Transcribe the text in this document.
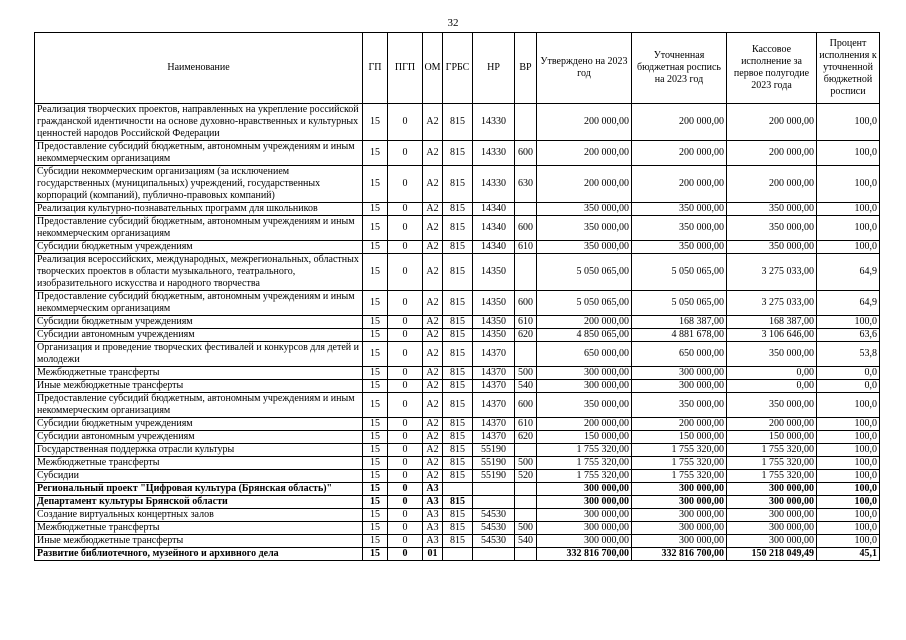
32
Наименование	ГП	ПГП	ОМ	ГРБС	НР	ВР	Утверждено на 2023 год	Уточненная бюджетная роспись на 2023 год	Кассовое исполнение за первое полугодие 2023 года	Процент исполнения к уточненной бюджетной росписи
Реализация творческих проектов, направленных на укрепление российской гражданской идентичности на основе духовно-нравственных и культурных ценностей народов Российской Федерации	15	0	А2	815	14330		200 000,00	200 000,00	200 000,00	100,0
Предоставление субсидий бюджетным, автономным учреждениям и иным некоммерческим организациям	15	0	А2	815	14330	600	200 000,00	200 000,00	200 000,00	100,0
Субсидии некоммерческим организациям (за исключением государственных (муниципальных) учреждений, государственных корпораций (компаний), публично-правовых компаний)	15	0	А2	815	14330	630	200 000,00	200 000,00	200 000,00	100,0
Реализация культурно-познавательных программ для школьников	15	0	А2	815	14340		350 000,00	350 000,00	350 000,00	100,0
Предоставление субсидий бюджетным, автономным учреждениям и иным некоммерческим организациям	15	0	А2	815	14340	600	350 000,00	350 000,00	350 000,00	100,0
Субсидии бюджетным учреждениям	15	0	А2	815	14340	610	350 000,00	350 000,00	350 000,00	100,0
Реализация всероссийских, международных, межрегиональных, областных творческих проектов в области музыкального, театрального, изобразительного искусства и народного творчества	15	0	А2	815	14350		5 050 065,00	5 050 065,00	3 275 033,00	64,9
Предоставление субсидий бюджетным, автономным учреждениям и иным некоммерческим организациям	15	0	А2	815	14350	600	5 050 065,00	5 050 065,00	3 275 033,00	64,9
Субсидии бюджетным учреждениям	15	0	А2	815	14350	610	200 000,00	168 387,00	168 387,00	100,0
Субсидии автономным учреждениям	15	0	А2	815	14350	620	4 850 065,00	4 881 678,00	3 106 646,00	63,6
Организация и проведение творческих фестивалей и конкурсов для детей и молодежи	15	0	А2	815	14370		650 000,00	650 000,00	350 000,00	53,8
Межбюджетные трансферты	15	0	А2	815	14370	500	300 000,00	300 000,00	0,00	0,0
Иные межбюджетные трансферты	15	0	А2	815	14370	540	300 000,00	300 000,00	0,00	0,0
Предоставление субсидий бюджетным, автономным учреждениям и иным некоммерческим организациям	15	0	А2	815	14370	600	350 000,00	350 000,00	350 000,00	100,0
Субсидии бюджетным учреждениям	15	0	А2	815	14370	610	200 000,00	200 000,00	200 000,00	100,0
Субсидии автономным учреждениям	15	0	А2	815	14370	620	150 000,00	150 000,00	150 000,00	100,0
Государственная поддержка отрасли культуры	15	0	А2	815	55190		1 755 320,00	1 755 320,00	1 755 320,00	100,0
Межбюджетные трансферты	15	0	А2	815	55190	500	1 755 320,00	1 755 320,00	1 755 320,00	100,0
Субсидии	15	0	А2	815	55190	520	1 755 320,00	1 755 320,00	1 755 320,00	100,0
Региональный проект "Цифровая культура (Брянская область)"	15	0	А3				300 000,00	300 000,00	300 000,00	100,0
Департамент культуры Брянской области	15	0	А3	815			300 000,00	300 000,00	300 000,00	100,0
Создание виртуальных концертных залов	15	0	А3	815	54530		300 000,00	300 000,00	300 000,00	100,0
Межбюджетные трансферты	15	0	А3	815	54530	500	300 000,00	300 000,00	300 000,00	100,0
Иные межбюджетные трансферты	15	0	А3	815	54530	540	300 000,00	300 000,00	300 000,00	100,0
Развитие библиотечного, музейного и архивного дела	15	0	01				332 816 700,00	332 816 700,00	150 218 049,49	45,1
